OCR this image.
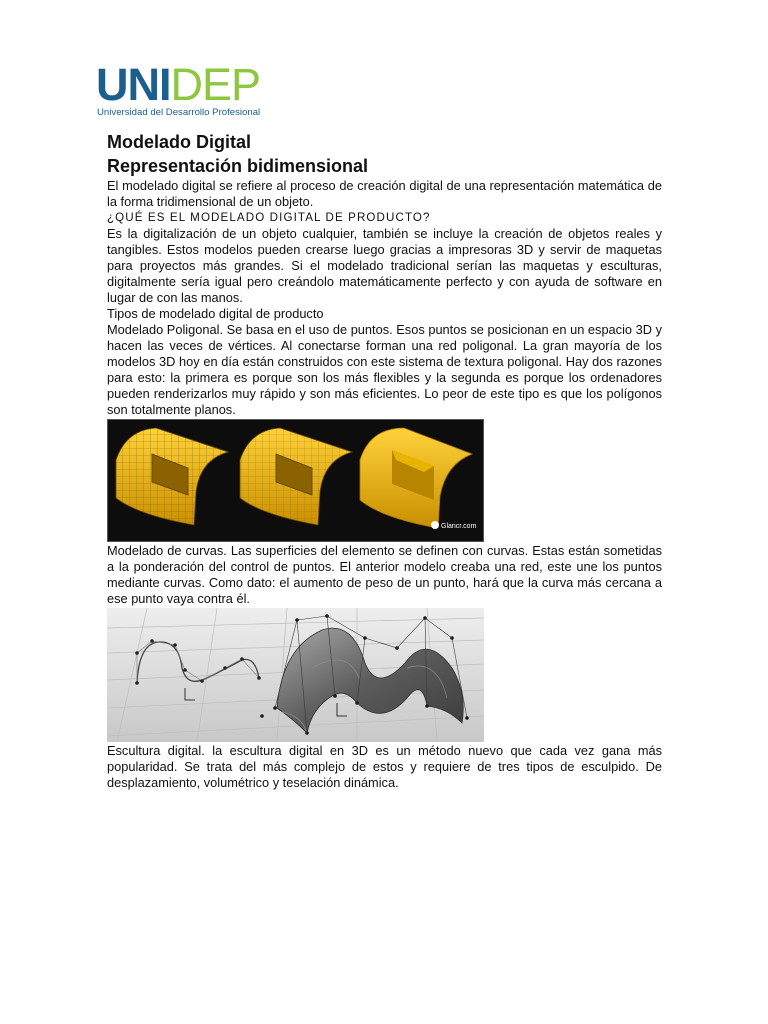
UNIDEP
Universidad del Desarrollo Profesional
Modelado Digital
Representación bidimensional

El modelado digital se refiere al proceso de creación digital de una representación matemática de la forma tridimensional de un objeto.

¿QUÉ ES EL MODELADO DIGITAL DE PRODUCTO?

Es la digitalización de un objeto cualquier, también se incluye la creación de objetos reales y tangibles. Estos modelos pueden crearse luego gracias a impresoras 3D y servir de maquetas para proyectos más grandes. Si el modelado tradicional serían las maquetas y esculturas, digitalmente sería igual pero creándolo matemáticamente perfecto y con ayuda de software en lugar de con las manos.

Tipos de modelado digital de producto

Modelado Poligonal. Se basa en el uso de puntos. Esos puntos se posicionan en un espacio 3D y hacen las veces de vértices. Al conectarse forman una red poligonal. La gran mayoría de los modelos 3D hoy en día están construidos con este sistema de textura poligonal. Hay dos razones para esto: la primera es porque son los más flexibles y la segunda es porque los ordenadores pueden renderizarlos muy rápido y son más eficientes. Lo peor de este tipo es que los polígonos son totalmente planos.

Glancr.com

Modelado de curvas. Las superficies del elemento se definen con curvas. Estas están sometidas a la ponderación del control de puntos. El anterior modelo creaba una red, este une los puntos mediante curvas. Como dato: el aumento de peso de un punto, hará que la curva más cercana a ese punto vaya contra él.

Escultura digital. la escultura digital en 3D es un método nuevo que cada vez gana más popularidad. Se trata del más complejo de estos y requiere de tres tipos de esculpido. De desplazamiento, volumétrico y teselación dinámica.
